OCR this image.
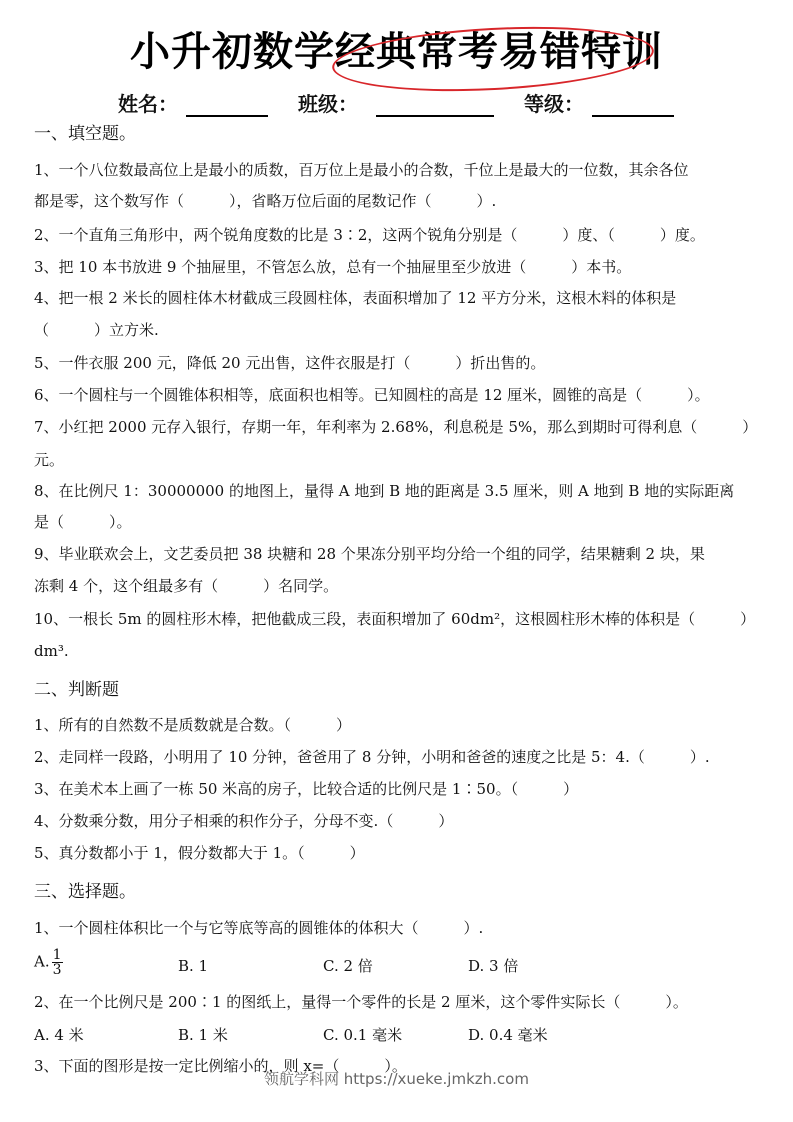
小升初数学经典常考易错特训
姓名：	班级：	等级：
一、填空题。
1、一个八位数最高位上是最小的质数，百万位上是最小的合数，千位上是最大的一位数，其余各位
都是零，这个数写作（　　　），省略万位后面的尾数记作（　　　）.
2、一个直角三角形中，两个锐角度数的比是 3∶2，这两个锐角分别是（　　　）度、（　　　）度。
3、把 10 本书放进 9 个抽屉里，不管怎么放，总有一个抽屉里至少放进（　　　）本书。
4、把一根 2 米长的圆柱体木材截成三段圆柱体，表面积增加了 12 平方分米，这根木料的体积是
（　　　）立方米.
5、一件衣服 200 元，降低 20 元出售，这件衣服是打（　　　）折出售的。
6、一个圆柱与一个圆锥体积相等，底面积也相等。已知圆柱的高是 12 厘米，圆锥的高是（　　　）。
7、小红把 2000 元存入银行，存期一年，年利率为 2.68%，利息税是 5%，那么到期时可得利息（　　　）
元。
8、在比例尺 1：30000000 的地图上，量得 A 地到 B 地的距离是 3.5 厘米，则 A 地到 B 地的实际距离
是（　　　）。
9、毕业联欢会上，文艺委员把 38 块糖和 28 个果冻分别平均分给一个组的同学，结果糖剩 2 块，果
冻剩 4 个，这个组最多有（　　　）名同学。
10、一根长 5m 的圆柱形木棒，把他截成三段，表面积增加了 60dm²，这根圆柱形木棒的体积是（　　　）
dm³.
二、判断题
1、所有的自然数不是质数就是合数。（　　　）
2、走同样一段路，小明用了 10 分钟，爸爸用了 8 分钟，小明和爸爸的速度之比是 5：4.（　　　）.
3、在美术本上画了一栋 50 米高的房子，比较合适的比例尺是 1∶50。（　　　）
4、分数乘分数，用分子相乘的积作分子，分母不变.（　　　）
5、真分数都小于 1，假分数都大于 1。（　　　）
三、选择题。
1、一个圆柱体积比一个与它等底等高的圆锥体的体积大（　　　）.
A. $\frac{1}{3}$	B. 1	C. 2 倍	D. 3 倍
2、在一个比例尺是 200∶1 的图纸上，量得一个零件的长是 2 厘米，这个零件实际长（　　　）。
A. 4 米	B. 1 米	C. 0.1 毫米	D. 0.4 毫米
3、下面的图形是按一定比例缩小的，则 x=（　　　）。
领航学科网 https://xueke.jmkzh.com
